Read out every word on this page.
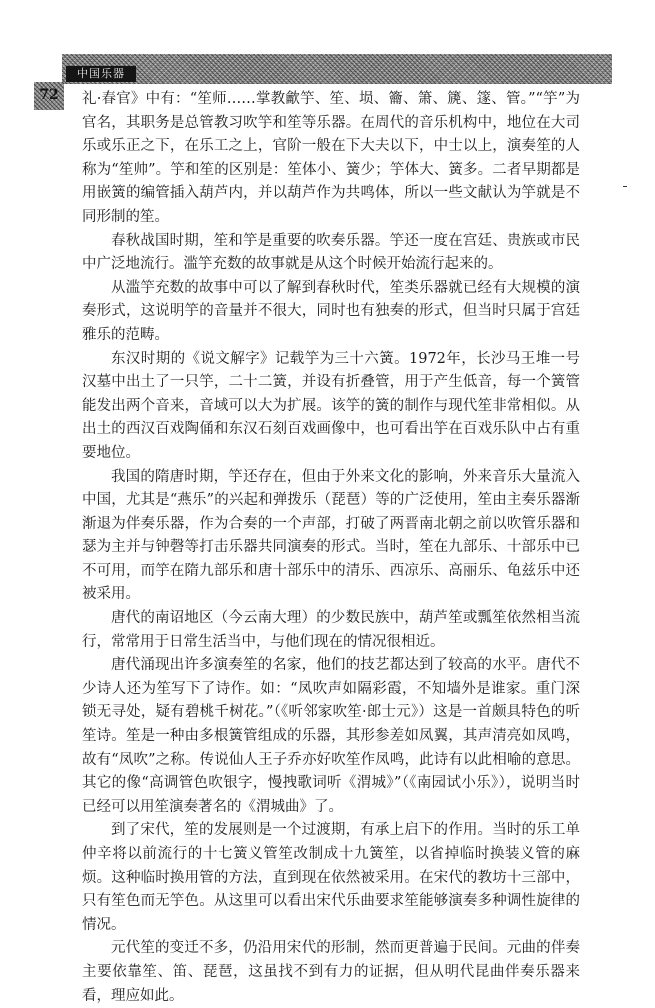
中国乐器
72 礼·春官》中有：“笙师……掌教龡竽、笙、埙、籥、箫、篪、篴、管。”“竽”为官名，其职务是总管教习吹竽和笙等乐器。在周代的音乐机构中，地位在大司乐或乐正之下，在乐工之上，官阶一般在下大夫以下，中士以上，演奏笙的人称为“笙帅”。竽和笙的区别是：笙体小、簧少；竽体大、簧多。二者早期都是用嵌簧的编管插入葫芦内，并以葫芦作为共鸣体，所以一些文献认为竽就是不同形制的笙。

春秋战国时期，笙和竽是重要的吹奏乐器。竽还一度在宫廷、贵族或市民中广泛地流行。滥竽充数的故事就是从这个时候开始流行起来的。

从滥竽充数的故事中可以了解到春秋时代，笙类乐器就已经有大规模的演奏形式，这说明竽的音量并不很大，同时也有独奏的形式，但当时只属于宫廷雅乐的范畴。

东汉时期的《说文解字》记载竽为三十六簧。1972年，长沙马王堆一号汉墓中出土了一只竽，二十二簧，并设有折叠管，用于产生低音，每一个簧管能发出两个音来，音域可以大为扩展。该竽的簧的制作与现代笙非常相似。从出土的西汉百戏陶俑和东汉石刻百戏画像中，也可看出竽在百戏乐队中占有重要地位。

我国的隋唐时期，竽还存在，但由于外来文化的影响，外来音乐大量流入中国，尤其是“燕乐”的兴起和弹拨乐（琵琶）等的广泛使用，笙由主奏乐器渐渐退为伴奏乐器，作为合奏的一个声部，打破了两晋南北朝之前以吹管乐器和瑟为主并与钟磬等打击乐器共同演奏的形式。当时，笙在九部乐、十部乐中已不可用，而竽在隋九部乐和唐十部乐中的清乐、西凉乐、高丽乐、龟兹乐中还被采用。

唐代的南诏地区（今云南大理）的少数民族中，葫芦笙或瓢笙依然相当流行，常常用于日常生活当中，与他们现在的情况很相近。

唐代涌现出许多演奏笙的名家，他们的技艺都达到了较高的水平。唐代不少诗人还为笙写下了诗作。如：“凤吹声如隔彩霞，不知墙外是谁家。重门深锁无寻处，疑有碧桃千树花。”（《听邻家吹笙·郎士元》）这是一首颇具特色的听笙诗。笙是一种由多根簧管组成的乐器，其形参差如凤翼，其声清亮如凤鸣，故有“凤吹”之称。传说仙人王子乔亦好吹笙作凤鸣，此诗有以此相喻的意思。其它的像“高调管色吹银字，慢拽歌词听《渭城》”（《南园试小乐》），说明当时已经可以用笙演奏著名的《渭城曲》了。

到了宋代，笙的发展则是一个过渡期，有承上启下的作用。当时的乐工单仲辛将以前流行的十七簧义管笙改制成十九簧笙，以省掉临时换装义管的麻烦。这种临时换用管的方法，直到现在依然被采用。在宋代的教坊十三部中，只有笙色而无竽色。从这里可以看出宋代乐曲要求笙能够演奏多种调性旋律的情况。

元代笙的变迁不多，仍沿用宋代的形制，然而更普遍于民间。元曲的伴奏主要依靠笙、笛、琵琶，这虽找不到有力的证据，但从明代昆曲伴奏乐器来看，理应如此。
